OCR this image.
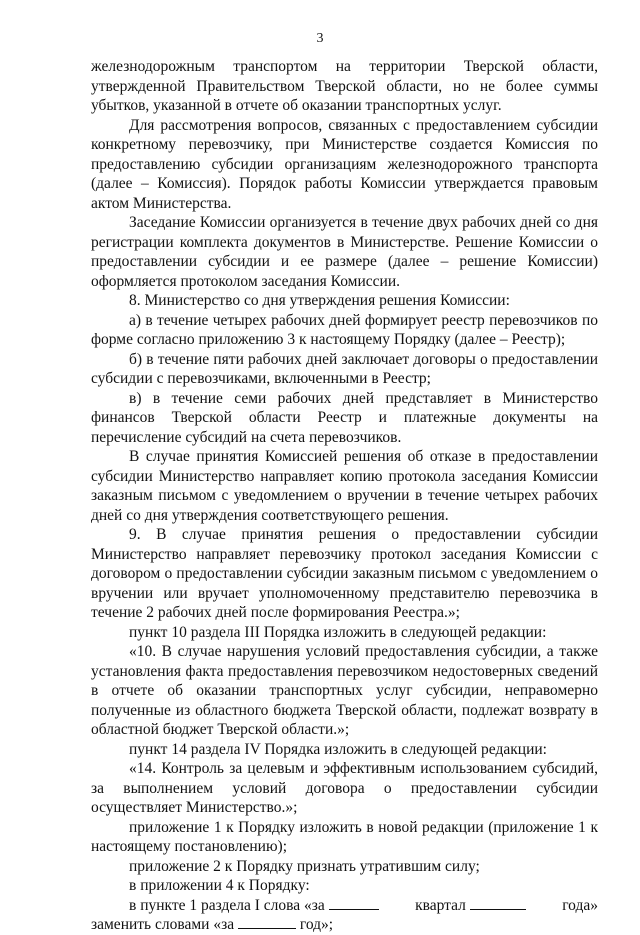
3

железнодорожным транспортом на территории Тверской области, утвержденной Правительством Тверской области, но не более суммы убытков, указанной в отчете об оказании транспортных услуг.

Для рассмотрения вопросов, связанных с предоставлением субсидии конкретному перевозчику, при Министерстве создается Комиссия по предоставлению субсидии организациям железнодорожного транспорта (далее – Комиссия). Порядок работы Комиссии утверждается правовым актом Министерства.

Заседание Комиссии организуется в течение двух рабочих дней со дня регистрации комплекта документов в Министерстве. Решение Комиссии о предоставлении субсидии и ее размере (далее – решение Комиссии) оформляется протоколом заседания Комиссии.

8. Министерство со дня утверждения решения Комиссии:

а) в течение четырех рабочих дней формирует реестр перевозчиков по форме согласно приложению 3 к настоящему Порядку (далее – Реестр);

б) в течение пяти рабочих дней заключает договоры о предоставлении субсидии с перевозчиками, включенными в Реестр;

в) в течение семи рабочих дней представляет в Министерство финансов Тверской области Реестр и платежные документы на перечисление субсидий на счета перевозчиков.

В случае принятия Комиссией решения об отказе в предоставлении субсидии Министерство направляет копию протокола заседания Комиссии заказным письмом с уведомлением о вручении в течение четырех рабочих дней со дня утверждения соответствующего решения.

9. В случае принятия решения о предоставлении субсидии Министерство направляет перевозчику протокол заседания Комиссии с договором о предоставлении субсидии заказным письмом с уведомлением о вручении или вручает уполномоченному представителю перевозчика в течение 2 рабочих дней после формирования Реестра.»;

пункт 10 раздела III Порядка изложить в следующей редакции:

«10. В случае нарушения условий предоставления субсидии, а также установления факта предоставления перевозчиком недостоверных сведений в отчете об оказании транспортных услуг субсидии, неправомерно полученные из областного бюджета Тверской области, подлежат возврату в областной бюджет Тверской области.»;

пункт 14 раздела IV Порядка изложить в следующей редакции:

«14. Контроль за целевым и эффективным использованием субсидий, за выполнением условий договора о предоставлении субсидии осуществляет Министерство.»;

приложение 1 к Порядку изложить в новой редакции (приложение 1 к настоящему постановлению);

приложение 2 к Порядку признать утратившим силу;

в приложении 4 к Порядку:

в пункте 1 раздела I слова «за	квартал	года»
заменить словами «за	год»;
